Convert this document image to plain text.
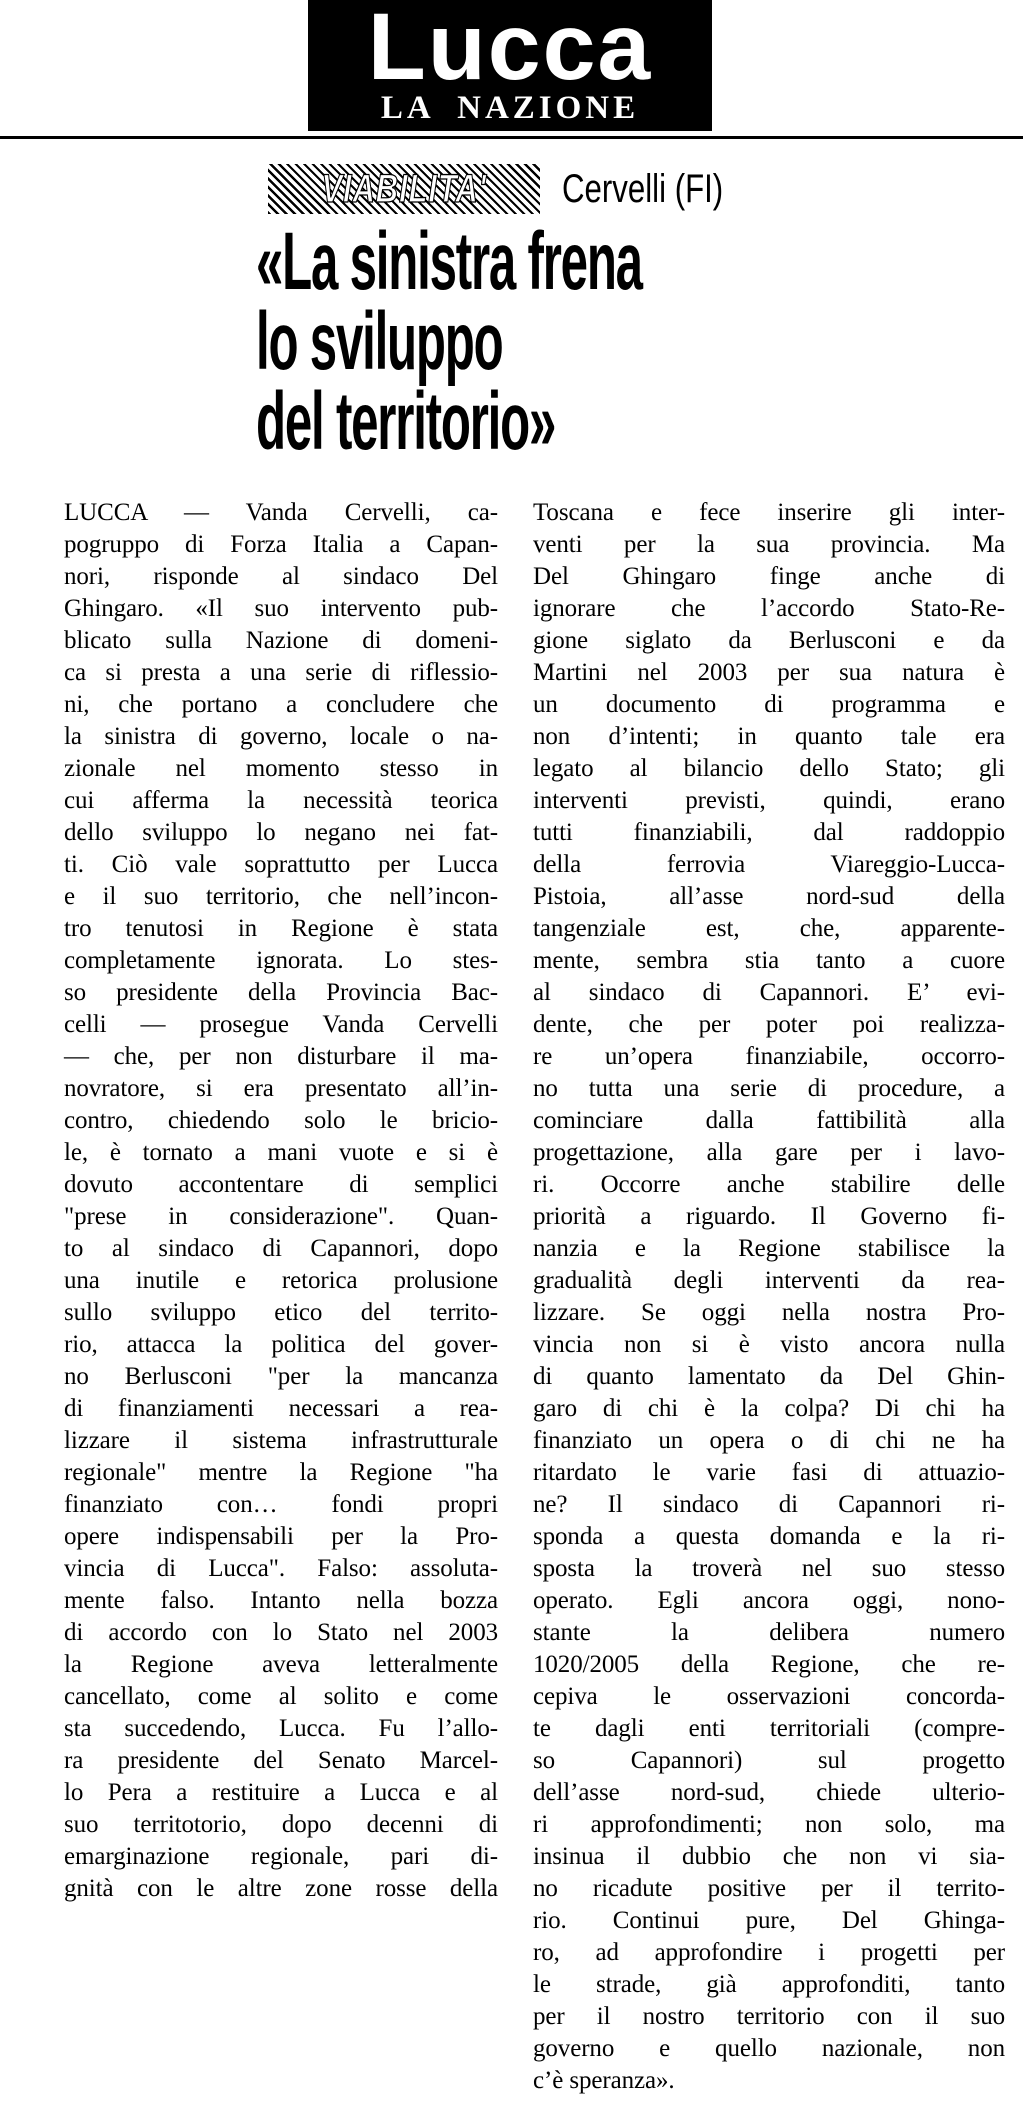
Lucca
LA NAZIONE
VIABILITA' Cervelli (FI)
«La sinistra frena
lo sviluppo
del territorio»
LUCCA — Vanda Cervelli, ca-
pogruppo di Forza Italia a Capan-
nori, risponde al sindaco Del
Ghingaro. «Il suo intervento pub-
blicato sulla Nazione di domeni-
ca si presta a una serie di riflessio-
ni, che portano a concludere che
la sinistra di governo, locale o na-
zionale nel momento stesso in
cui afferma la necessità teorica
dello sviluppo lo negano nei fat-
ti. Ciò vale soprattutto per Lucca
e il suo territorio, che nell’incon-
tro tenutosi in Regione è stata
completamente ignorata. Lo stes-
so presidente della Provincia Bac-
celli — prosegue Vanda Cervelli
— che, per non disturbare il ma-
novratore, si era presentato all’in-
contro, chiedendo solo le bricio-
le, è tornato a mani vuote e si è
dovuto accontentare di semplici
"prese in considerazione". Quan-
to al sindaco di Capannori, dopo
una inutile e retorica prolusione
sullo sviluppo etico del territo-
rio, attacca la politica del gover-
no Berlusconi "per la mancanza
di finanziamenti necessari a rea-
lizzare il sistema infrastrutturale
regionale" mentre la Regione "ha
finanziato con… fondi propri
opere indispensabili per la Pro-
vincia di Lucca". Falso: assoluta-
mente falso. Intanto nella bozza
di accordo con lo Stato nel 2003
la Regione aveva letteralmente
cancellato, come al solito e come
sta succedendo, Lucca. Fu l’allo-
ra presidente del Senato Marcel-
lo Pera a restituire a Lucca e al
suo territotorio, dopo decenni di
emarginazione regionale, pari di-
gnità con le altre zone rosse della
Toscana e fece inserire gli inter-
venti per la sua provincia. Ma
Del Ghingaro finge anche di
ignorare che l’accordo Stato-Re-
gione siglato da Berlusconi e da
Martini nel 2003 per sua natura è
un documento di programma e
non d’intenti; in quanto tale era
legato al bilancio dello Stato; gli
interventi previsti, quindi, erano
tutti finanziabili, dal raddoppio
della ferrovia Viareggio-Lucca-
Pistoia, all’asse nord-sud della
tangenziale est, che, apparente-
mente, sembra stia tanto a cuore
al sindaco di Capannori. E’ evi-
dente, che per poter poi realizza-
re un’opera finanziabile, occorro-
no tutta una serie di procedure, a
cominciare dalla fattibilità alla
progettazione, alla gare per i lavo-
ri. Occorre anche stabilire delle
priorità a riguardo. Il Governo fi-
nanzia e la Regione stabilisce la
gradualità degli interventi da rea-
lizzare. Se oggi nella nostra Pro-
vincia non si è visto ancora nulla
di quanto lamentato da Del Ghin-
garo di chi è la colpa? Di chi ha
finanziato un opera o di chi ne ha
ritardato le varie fasi di attuazio-
ne? Il sindaco di Capannori ri-
sponda a questa domanda e la ri-
sposta la troverà nel suo stesso
operato. Egli ancora oggi, nono-
stante la delibera numero
1020/2005 della Regione, che re-
cepiva le osservazioni concorda-
te dagli enti territoriali (compre-
so Capannori) sul progetto
dell’asse nord-sud, chiede ulterio-
ri approfondimenti; non solo, ma
insinua il dubbio che non vi sia-
no ricadute positive per il territo-
rio. Continui pure, Del Ghinga-
ro, ad approfondire i progetti per
le strade, già approfonditi, tanto
per il nostro territorio con il suo
governo e quello nazionale, non
c’è speranza».
